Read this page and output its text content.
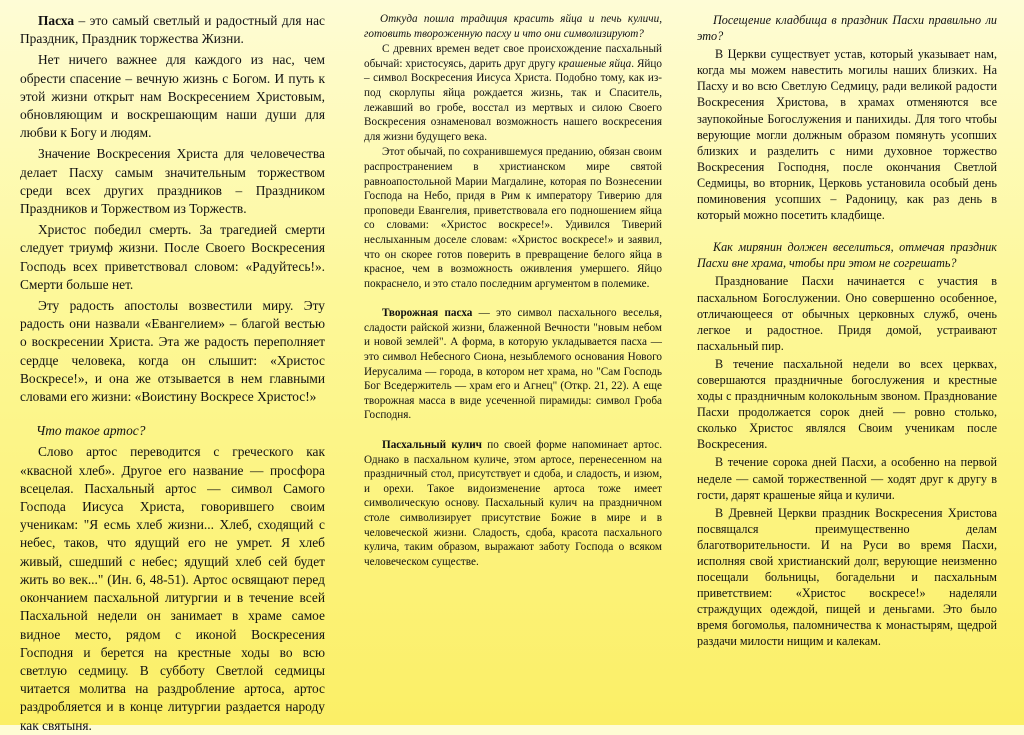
Пасха – это самый светлый и радостный для нас Праздник, Праздник торжества Жизни.

Нет ничего важнее для каждого из нас, чем обрести спасение – вечную жизнь с Богом. И путь к этой жизни открыт нам Воскресением Христовым, обновляющим и воскрешающим наши души для любви к Богу и людям.

Значение Воскресения Христа для человечества делает Пасху самым значительным торжеством среди всех других праздников – Праздником Праздников и Торжеством из Торжеств.

Христос победил смерть. За трагедией смерти следует триумф жизни. После Своего Воскресения Господь всех приветствовал словом: «Радуйтесь!». Смерти больше нет.

Эту радость апостолы возвестили миру. Эту радость они назвали «Евангелием» – благой вестью о воскресении Христа. Эта же радость переполняет сердце человека, когда он слышит: «Христос Воскресе!», и она же отзывается в нем главными словами его жизни: «Воистину Воскресе Христос!»

Что такое артос?

Слово артос переводится с греческого как «квасной хлеб». Другое его название — просфора всецелая. Пасхальный артос — символ Самого Господа Иисуса Христа, говорившего своим ученикам: "Я есмь хлеб жизни... Хлеб, сходящий с небес, таков, что ядущий его не умрет. Я хлеб живый, сшедший с небес; ядущий хлеб сей будет жить во век..." (Ин. 6, 48-51). Артос освящают перед окончанием пасхальной литургии и в течение всей Пасхальной недели он занимает в храме самое видное место, рядом с иконой Воскресения Господня и берется на крестные ходы во всю светлую седмицу. В субботу Светлой седмицы читается молитва на раздробление артоса, артос раздробляется и в конце литургии раздается народу как святыня.

Откуда пошла традиция красить яйца и печь куличи, готовить твороженную пасху и что они символизируют?

С древних времен ведет свое происхождение пасхальный обычай: христосуясь, дарить друг другу крашеные яйца. Яйцо – символ Воскресения Иисуса Христа. Подобно тому, как из-под скорлупы яйца рождается жизнь, так и Спаситель, лежавший во гробе, восстал из мертвых и силою Своего Воскресения ознаменовал возможность нашего воскресения для жизни будущего века.

Этот обычай, по сохранившемуся преданию, обязан своим распространением в христианском мире святой равноапостольной Марии Магдалине, которая по Вознесении Господа на Небо, придя в Рим к императору Тиверию для проповеди Евангелия, приветствовала его подношением яйца со словами: «Христос воскресе!». Удивился Тиверий неслыханным доселе словам: «Христос воскресе!» и заявил, что он скорее готов поверить в превращение белого яйца в красное, чем в возможность оживления умершего. Яйцо покраснело, и это стало последним аргументом в полемике.

Творожная пасха — это символ пасхального веселья, сладости райской жизни, блаженной Вечности "новым небом и новой землей". А форма, в которую укладывается пасха — это символ Небесного Сиона, незыблемого основания Нового Иерусалима — города, в котором нет храма, но "Сам Господь Бог Вседержитель — храм его и Агнец" (Откр. 21, 22). А еще творожная масса в виде усеченной пирамиды: символ Гроба Господня.

Пасхальный кулич по своей форме напоминает артос. Однако в пасхальном куличе, этом артосе, перенесенном на праздничный стол, присутствует и сдоба, и сладость, и изюм, и орехи. Такое видоизменение артоса тоже имеет символическую основу. Пасхальный кулич на праздничном столе символизирует присутствие Божие в мире и в человеческой жизни. Сладость, сдоба, красота пасхального кулича, таким образом, выражают заботу Господа о всяком человеческом существе.

Посещение кладбища в праздник Пасхи правильно ли это?

В Церкви существует устав, который указывает нам, когда мы можем навестить могилы наших близких. На Пасху и во всю Светлую Седмицу, ради великой радости Воскресения Христова, в храмах отменяются все заупокойные Богослужения и панихиды. Для того чтобы верующие могли должным образом помянуть усопших близких и разделить с ними духовное торжество Воскресения Господня, после окончания Светлой Седмицы, во вторник, Церковь установила особый день поминовения усопших – Радоницу, как раз день в который можно посетить кладбище.

Как мирянин должен веселиться, отмечая праздник Пасхи вне храма, чтобы при этом не согрешать?

Празднование Пасхи начинается с участия в пасхальном Богослужении. Оно совершенно особенное, отличающееся от обычных церковных служб, очень легкое и радостное. Придя домой, устраивают пасхальный пир.

В течение пасхальной недели во всех церквах, совершаются праздничные богослужения и крестные ходы с праздничным колокольным звоном. Празднование Пасхи продолжается сорок дней — ровно столько, сколько Христос являлся Своим ученикам после Воскресения.

В течение сорока дней Пасхи, а особенно на первой неделе — самой торжественной — ходят друг к другу в гости, дарят крашеные яйца и куличи.

В Древней Церкви праздник Воскресения Христова посвящался преимущественно делам благотворительности. И на Руси во время Пасхи, исполняя свой христианский долг, верующие неизменно посещали больницы, богадельни и пасхальным приветствием: «Христос воскресе!» наделяли страждущих одеждой, пищей и деньгами. Это было время богомолья, паломничества к монастырям, щедрой раздачи милости нищим и калекам.
